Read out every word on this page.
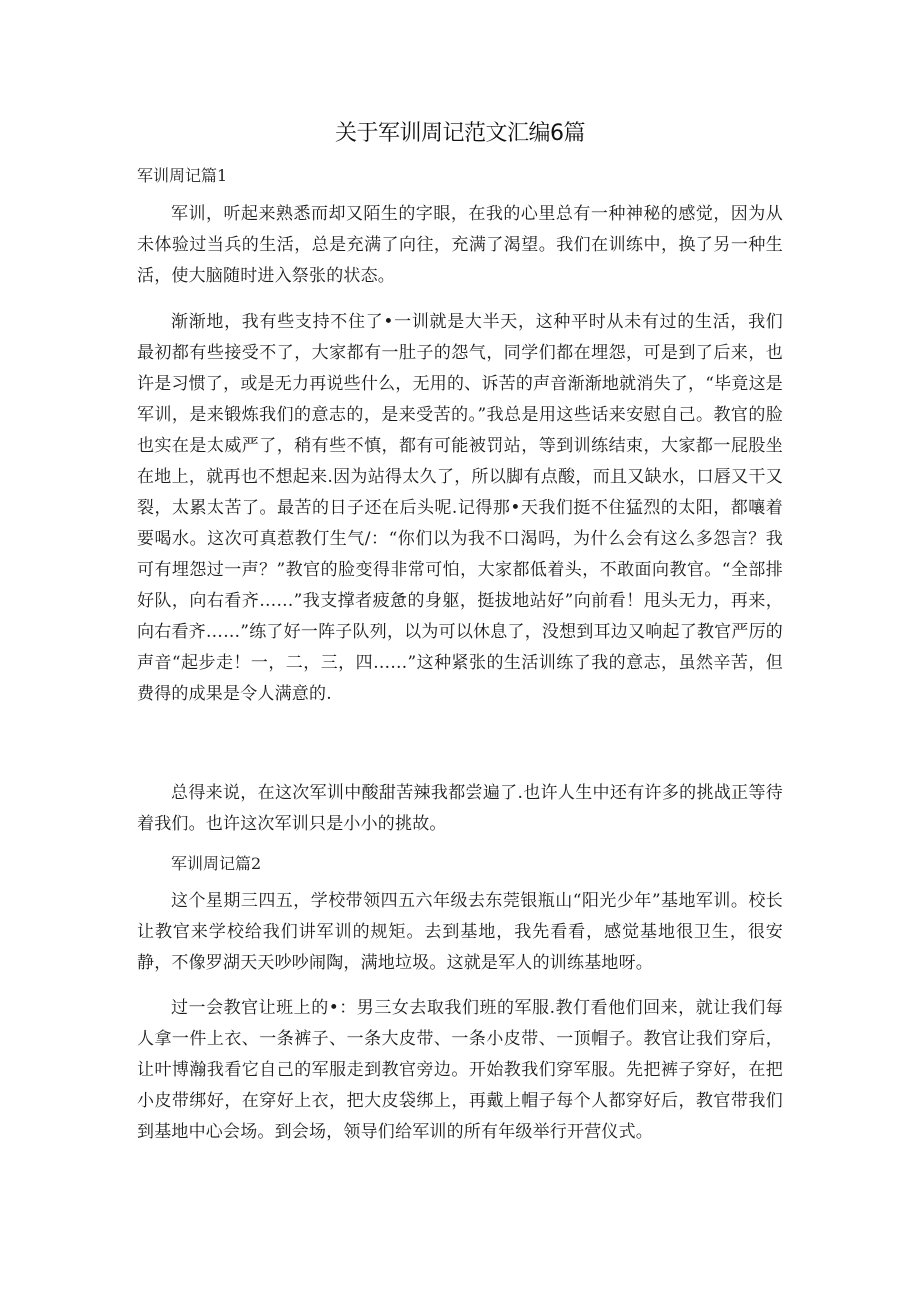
关于军训周记范文汇编6篇
军训周记篇1

军训，听起来熟悉而却又陌生的字眼，在我的心里总有一种神秘的感觉，因为从未体验过当兵的生活，总是充满了向往，充满了渴望。我们在训练中，换了另一种生活，使大脑随时进入祭张的状态。

渐渐地，我有些支持不住了•一训就是大半天，这种平时从未有过的生活，我们最初都有些接受不了，大家都有一肚子的怨气，同学们都在埋怨，可是到了后来，也许是习惯了，或是无力再说些什么，无用的、诉苦的声音渐渐地就消失了，“毕竟这是军训，是来锻炼我们的意志的，是来受苦的。”我总是用这些话来安慰自己。教官的脸也实在是太威严了，稍有些不慎，都有可能被罚站，等到训练结束，大家都一屁股坐在地上，就再也不想起来.因为站得太久了，所以脚有点酸，而且又缺水，口唇又干又裂，太累太苦了。最苦的日子还在后头呢.记得那•天我们挺不住猛烈的太阳，都嚷着要喝水。这次可真惹教仃生气/：“你们以为我不口渴吗，为什么会有这么多怨言？我可有埋怨过一声？”教官的脸变得非常可怕，大家都低着头，不敢面向教官。“全部排好队，向右看齐……”我支撑者疲惫的身躯，挺拔地站好”向前看！甩头无力，再来，向右看齐……”练了好一阵子队列，以为可以休息了，没想到耳边又响起了教官严厉的声音“起步走！一，二，三，四……”这种紧张的生活训练了我的意志，虽然辛苦，但费得的成果是令人满意的.

总得来说，在这次军训中酸甜苦辣我都尝遍了.也许人生中还有许多的挑战正等待着我们。也许这次军训只是小小的挑故。

军训周记篇2

这个星期三四五，学校带领四五六年级去东莞银瓶山“阳光少年”基地军训。校长让教官来学校给我们讲军训的规矩。去到基地，我先看看，感觉基地很卫生，很安静，不像罗湖天天吵吵闹陶，满地垃圾。这就是军人的训练基地呀。

过一会教官让班上的•：男三女去取我们班的军服.教仃看他们回来，就让我们每人拿一件上衣、一条裤子、一条大皮带、一条小皮带、一顶帽子。教官让我们穿后，让叶博瀚我看它自己的军服走到教官旁边。开始教我们穿军服。先把裤子穿好，在把小皮带绑好，在穿好上衣，把大皮袋绑上，再戴上帽子每个人都穿好后，教官带我们到基地中心会场。到会场，领导们给军训的所有年级举行开营仪式。
